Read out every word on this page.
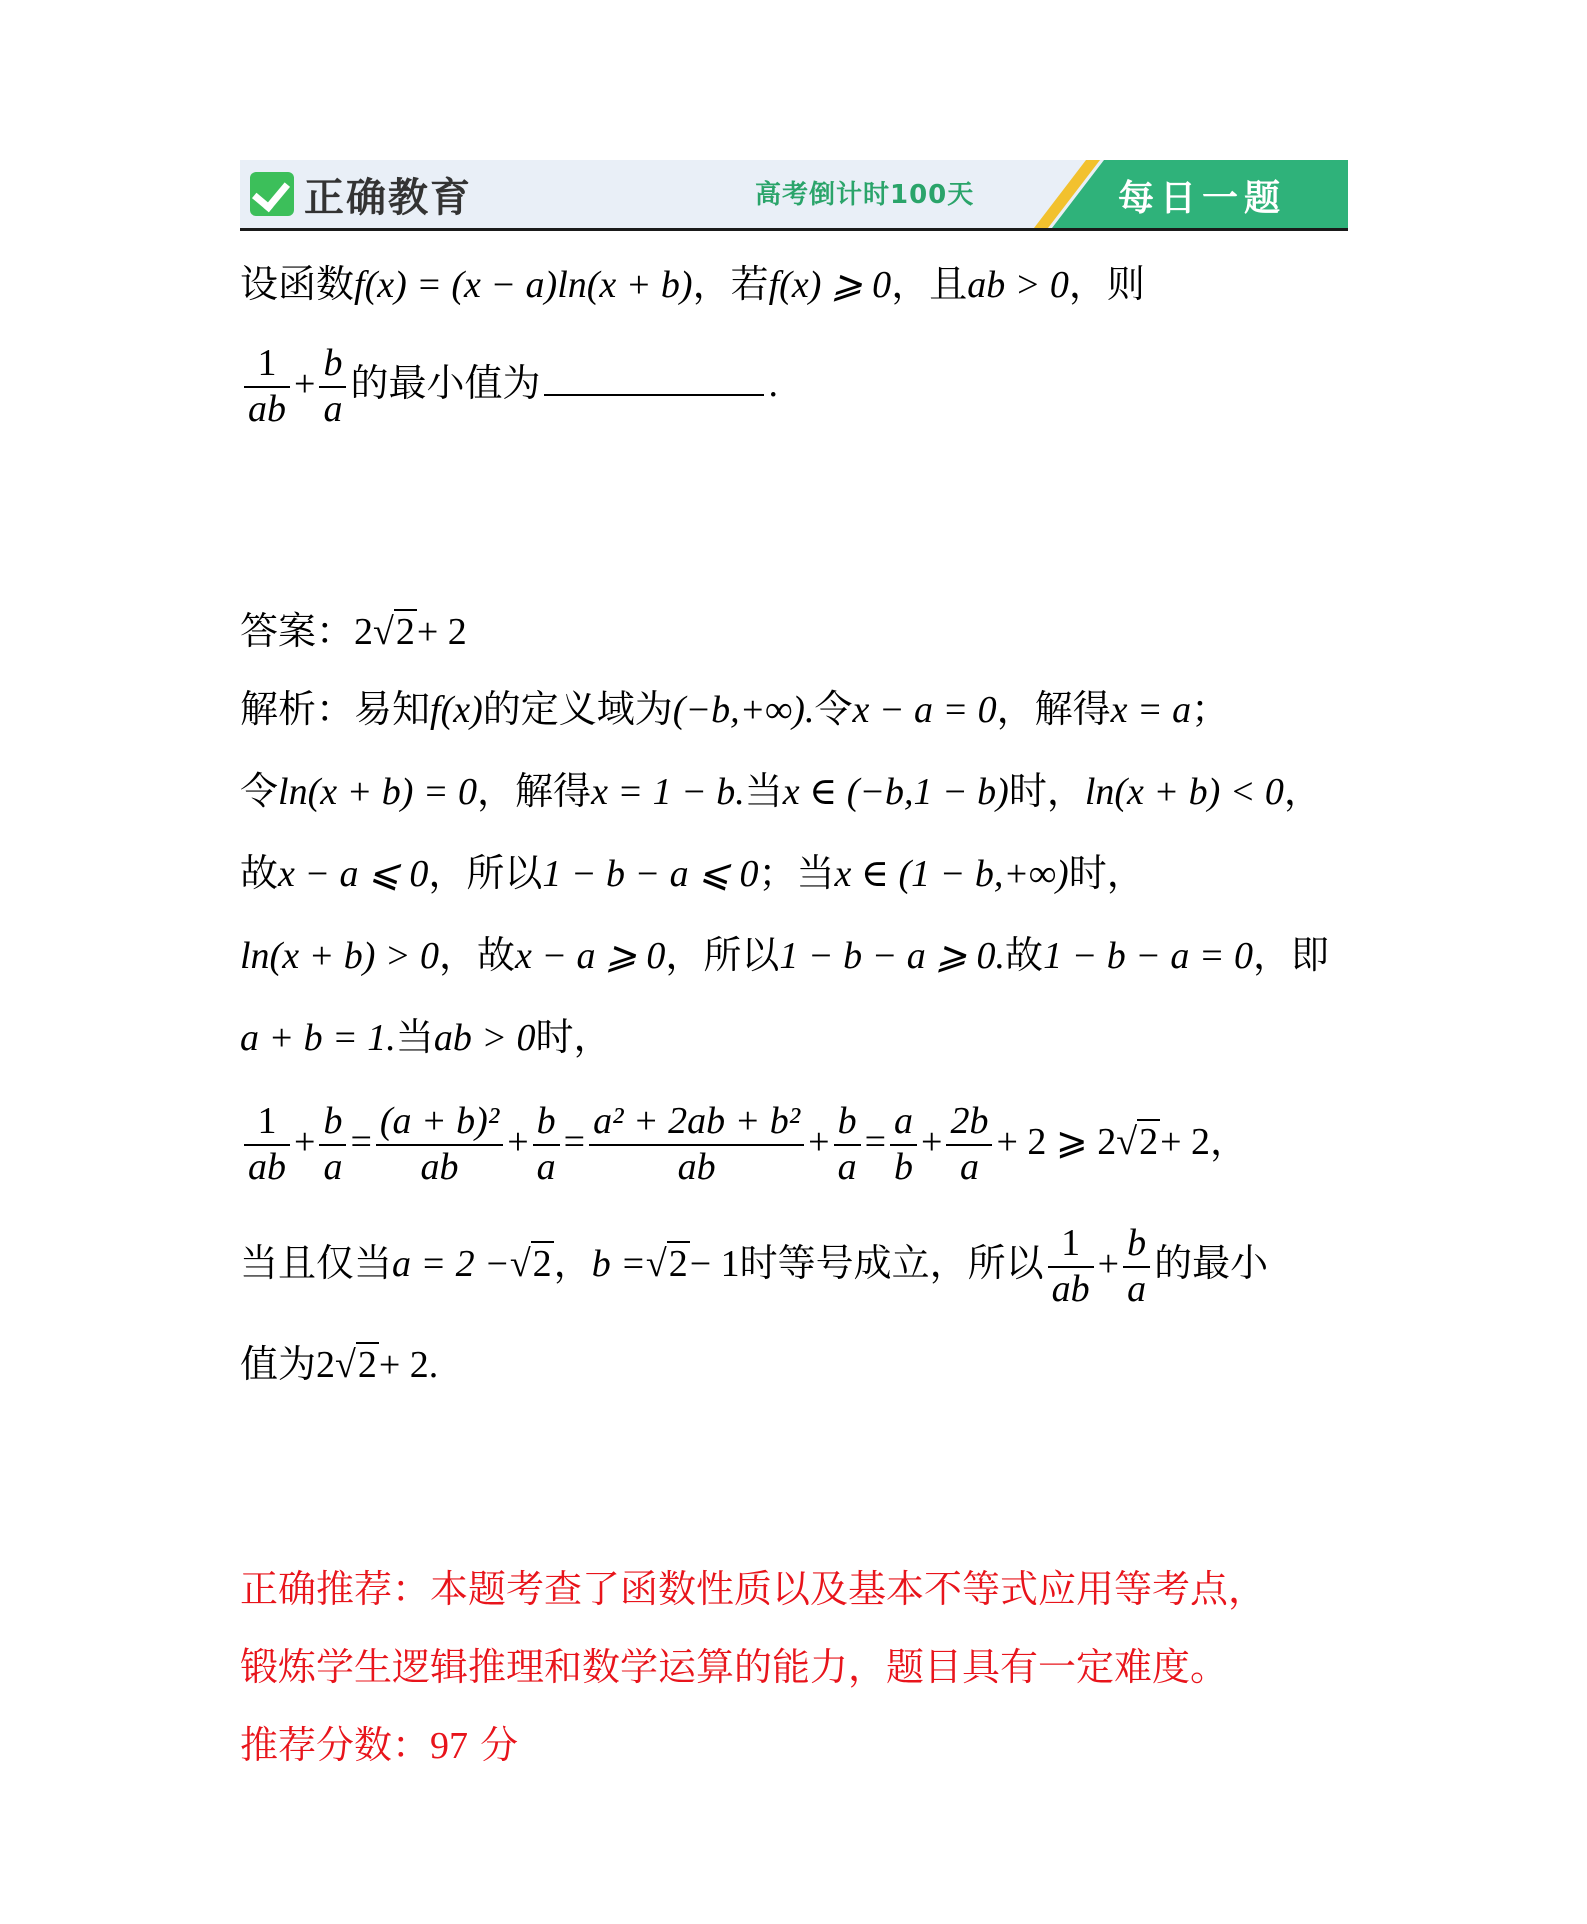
正确教育	高考倒计时100天	每日一题
设函数f(x) = (x − a)ln(x + b)，若f(x) ⩾ 0，且ab > 0，则
$\frac{1}{ab} + \frac{b}{a}$ 的最小值为	.
答案：2√2+ 2
解析：易知f(x)的定义域为(−b,+∞).令x − a = 0，解得x = a；
令ln(x + b) = 0，解得x = 1 − b.当x ∈ (−b,1 − b)时，ln(x + b) < 0，
故x − a ⩽ 0，所以1 − b − a ⩽ 0；当x ∈ (1 − b,+∞)时，
ln(x + b) > 0，故x − a ⩾ 0，所以1 − b − a ⩾ 0.故1 − b − a = 0，即
a + b = 1.当ab > 0时，
$\frac{1}{ab} + \frac{b}{a} = \frac{\text{(a + b)²}}{ab} + \frac{b}{a} = \frac{\text{a² + 2ab + b²}}{ab} + \frac{b}{a} = \frac{a}{b} + \frac{2b}{a} + 2$ ⩾ 2√2+ 2，
当且仅当a = 2 −√2，b =√2− 1时等号成立，所以 $\frac{1}{ab} + \frac{b}{a}$ 的最小
值为2√2+ 2.
正确推荐：本题考查了函数性质以及基本不等式应用等考点，
锻炼学生逻辑推理和数学运算的能力，题目具有一定难度。
推荐分数：97 分
